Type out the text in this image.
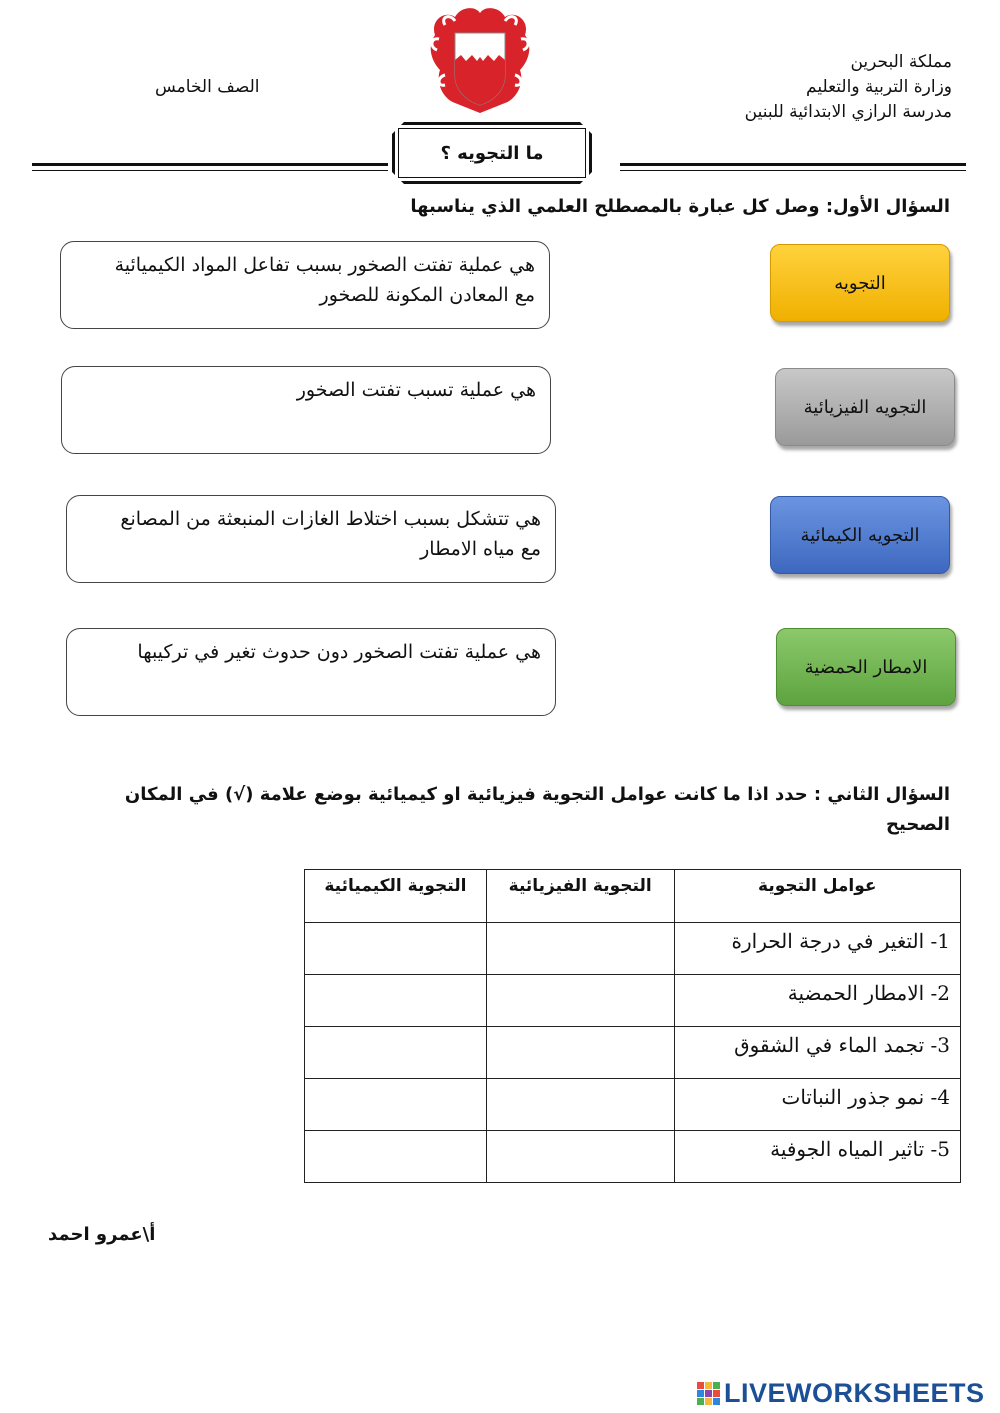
مملكة البحرين
وزارة التربية والتعليم
مدرسة الرازي الابتدائية للبنين
الصف الخامس
ما التجويه ؟
السؤال الأول: وصل كل عبارة بالمصطلح العلمي الذي يناسبها
التجويه
التجويه الفيزيائية
التجويه الكيمائية
الامطار الحمضية
هي عملية تفتت الصخور بسبب تفاعل المواد الكيميائية
مع المعادن المكونة للصخور
هي عملية تسبب تفتت الصخور
هي تتشكل بسبب اختلاط الغازات المنبعثة من المصانع
مع مياه الامطار
هي عملية تفتت الصخور دون حدوث تغير في تركيبها
السؤال الثاني : حدد اذا ما كانت عوامل التجوية فيزيائية او كيميائية بوضع علامة (√) في المكان
الصحيح
عوامل التجوية	التجوية الفيزيائية	التجوية الكيميائية
1- التغير في درجة الحرارة		
2- الامطار الحمضية		
3- تجمد الماء في الشقوق		
4- نمو جذور النباتات		
5- تاثير المياه الجوفية		
أ\عمرو احمد
LIVEWORKSHEETS
